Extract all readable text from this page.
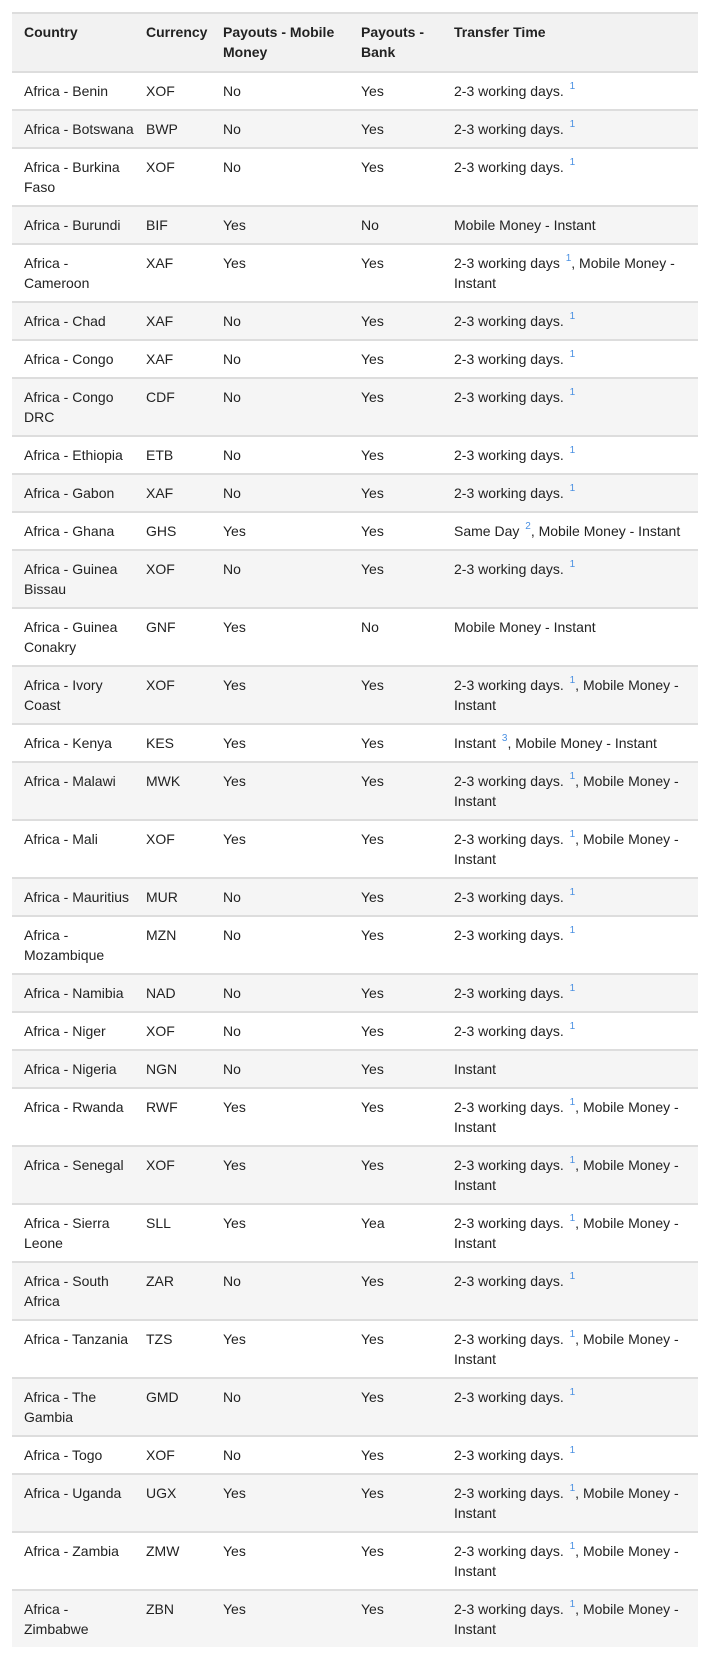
Country	Currency	Payouts - Mobile Money	Payouts - Bank	Transfer Time
Africa - Benin	XOF	No	Yes	2-3 working days. $^1$
Africa - Botswana	BWP	No	Yes	2-3 working days. $^1$
Africa - Burkina Faso	XOF	No	Yes	2-3 working days. $^1$
Africa - Burundi	BIF	Yes	No	Mobile Money - Instant
Africa - Cameroon	XAF	Yes	Yes	2-3 working days $^1$, Mobile Money - Instant
Africa - Chad	XAF	No	Yes	2-3 working days. $^1$
Africa - Congo	XAF	No	Yes	2-3 working days. $^1$
Africa - Congo DRC	CDF	No	Yes	2-3 working days. $^1$
Africa - Ethiopia	ETB	No	Yes	2-3 working days. $^1$
Africa - Gabon	XAF	No	Yes	2-3 working days. $^1$
Africa - Ghana	GHS	Yes	Yes	Same Day $^2$, Mobile Money - Instant
Africa - Guinea Bissau	XOF	No	Yes	2-3 working days. $^1$
Africa - Guinea Conakry	GNF	Yes	No	Mobile Money - Instant
Africa - Ivory Coast	XOF	Yes	Yes	2-3 working days. $^1$, Mobile Money - Instant
Africa - Kenya	KES	Yes	Yes	Instant $^3$, Mobile Money - Instant
Africa - Malawi	MWK	Yes	Yes	2-3 working days. $^1$, Mobile Money - Instant
Africa - Mali	XOF	Yes	Yes	2-3 working days. $^1$, Mobile Money - Instant
Africa - Mauritius	MUR	No	Yes	2-3 working days. $^1$
Africa - Mozambique	MZN	No	Yes	2-3 working days. $^1$
Africa - Namibia	NAD	No	Yes	2-3 working days. $^1$
Africa - Niger	XOF	No	Yes	2-3 working days. $^1$
Africa - Nigeria	NGN	No	Yes	Instant
Africa - Rwanda	RWF	Yes	Yes	2-3 working days. $^1$, Mobile Money - Instant
Africa - Senegal	XOF	Yes	Yes	2-3 working days. $^1$, Mobile Money - Instant
Africa - Sierra Leone	SLL	Yes	Yea	2-3 working days. $^1$, Mobile Money - Instant
Africa - South Africa	ZAR	No	Yes	2-3 working days. $^1$
Africa - Tanzania	TZS	Yes	Yes	2-3 working days. $^1$, Mobile Money - Instant
Africa - The Gambia	GMD	No	Yes	2-3 working days. $^1$
Africa - Togo	XOF	No	Yes	2-3 working days. $^1$
Africa - Uganda	UGX	Yes	Yes	2-3 working days. $^1$, Mobile Money - Instant
Africa - Zambia	ZMW	Yes	Yes	2-3 working days. $^1$, Mobile Money - Instant
Africa - Zimbabwe	ZBN	Yes	Yes	2-3 working days. $^1$, Mobile Money - Instant
